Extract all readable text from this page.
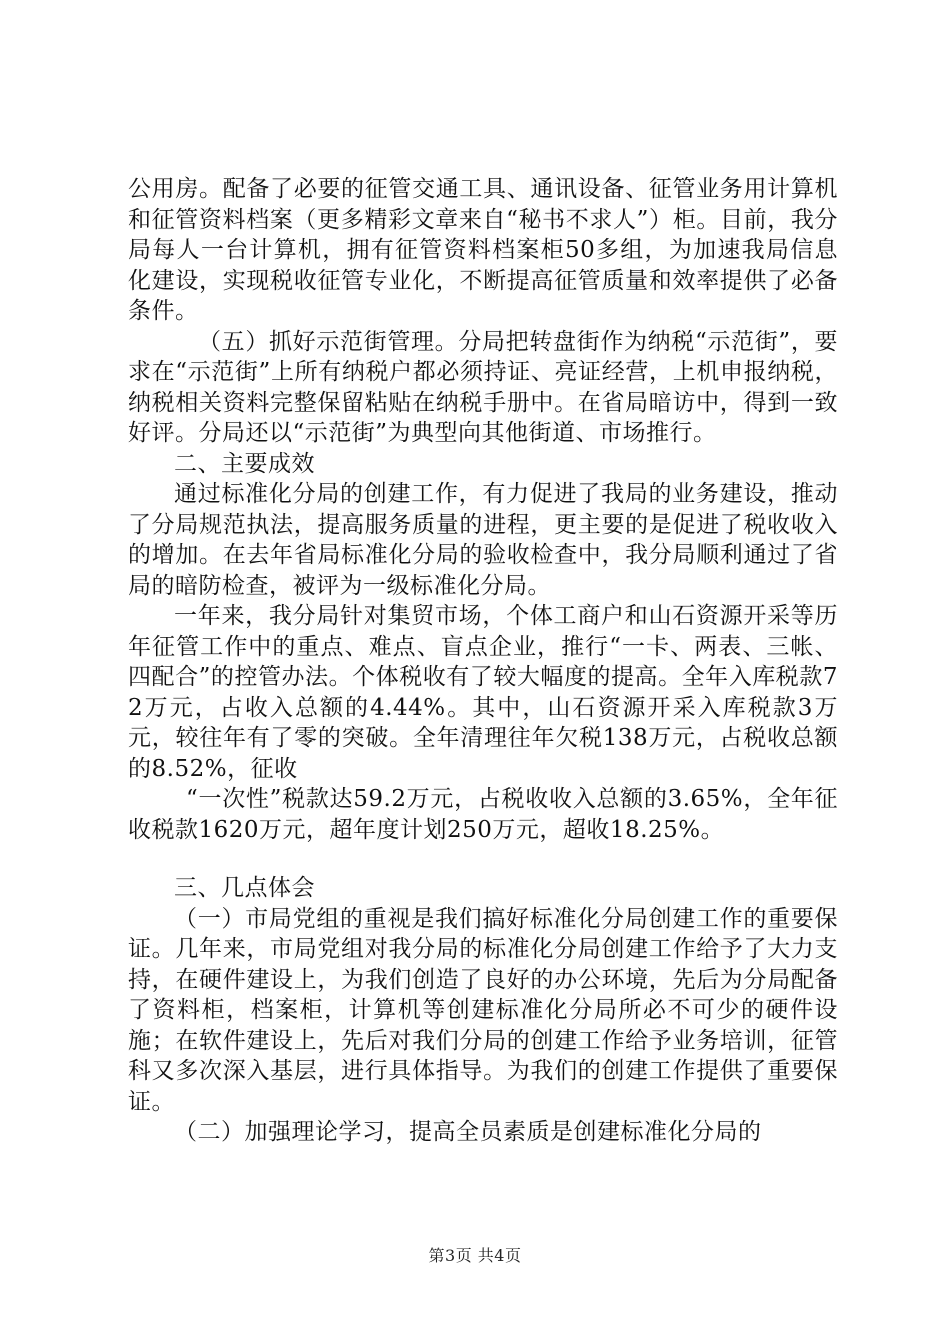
公用房。配备了必要的征管交通工具、通讯设备、征管业务用计算机和征管资料档案（更多精彩文章来自“秘书不求人”）柜。目前，我分局每人一台计算机，拥有征管资料档案柜50多组，为加速我局信息化建设，实现税收征管专业化，不断提高征管质量和效率提供了必备条件。

（五）抓好示范街管理。分局把转盘街作为纳税“示范街”，要求在“示范街”上所有纳税户都必须持证、亮证经营，上机申报纳税，纳税相关资料完整保留粘贴在纳税手册中。在省局暗访中，得到一致好评。分局还以“示范街”为典型向其他街道、市场推行。

二、主要成效

通过标准化分局的创建工作，有力促进了我局的业务建设，推动了分局规范执法，提高服务质量的进程，更主要的是促进了税收收入的增加。在去年省局标准化分局的验收检查中，我分局顺利通过了省局的暗防检查，被评为一级标准化分局。

一年来，我分局针对集贸市场，个体工商户和山石资源开采等历年征管工作中的重点、难点、盲点企业，推行“一卡、两表、三帐、四配合”的控管办法。个体税收有了较大幅度的提高。全年入库税款72万元，占收入总额的4.44%。其中，山石资源开采入库税款3万元，较往年有了零的突破。全年清理往年欠税138万元，占税收总额的8.52%，征收

“一次性”税款达59.2万元，占税收收入总额的3.65%，全年征收税款1620万元，超年度计划250万元，超收18.25%。

三、几点体会

（一）市局党组的重视是我们搞好标准化分局创建工作的重要保证。几年来，市局党组对我分局的标准化分局创建工作给予了大力支持，在硬件建设上，为我们创造了良好的办公环境，先后为分局配备了资料柜，档案柜，计算机等创建标准化分局所必不可少的硬件设施；在软件建设上，先后对我们分局的创建工作给予业务培训，征管科又多次深入基层，进行具体指导。为我们的创建工作提供了重要保证。

（二）加强理论学习，提高全员素质是创建标准化分局的

第3页 共4页
